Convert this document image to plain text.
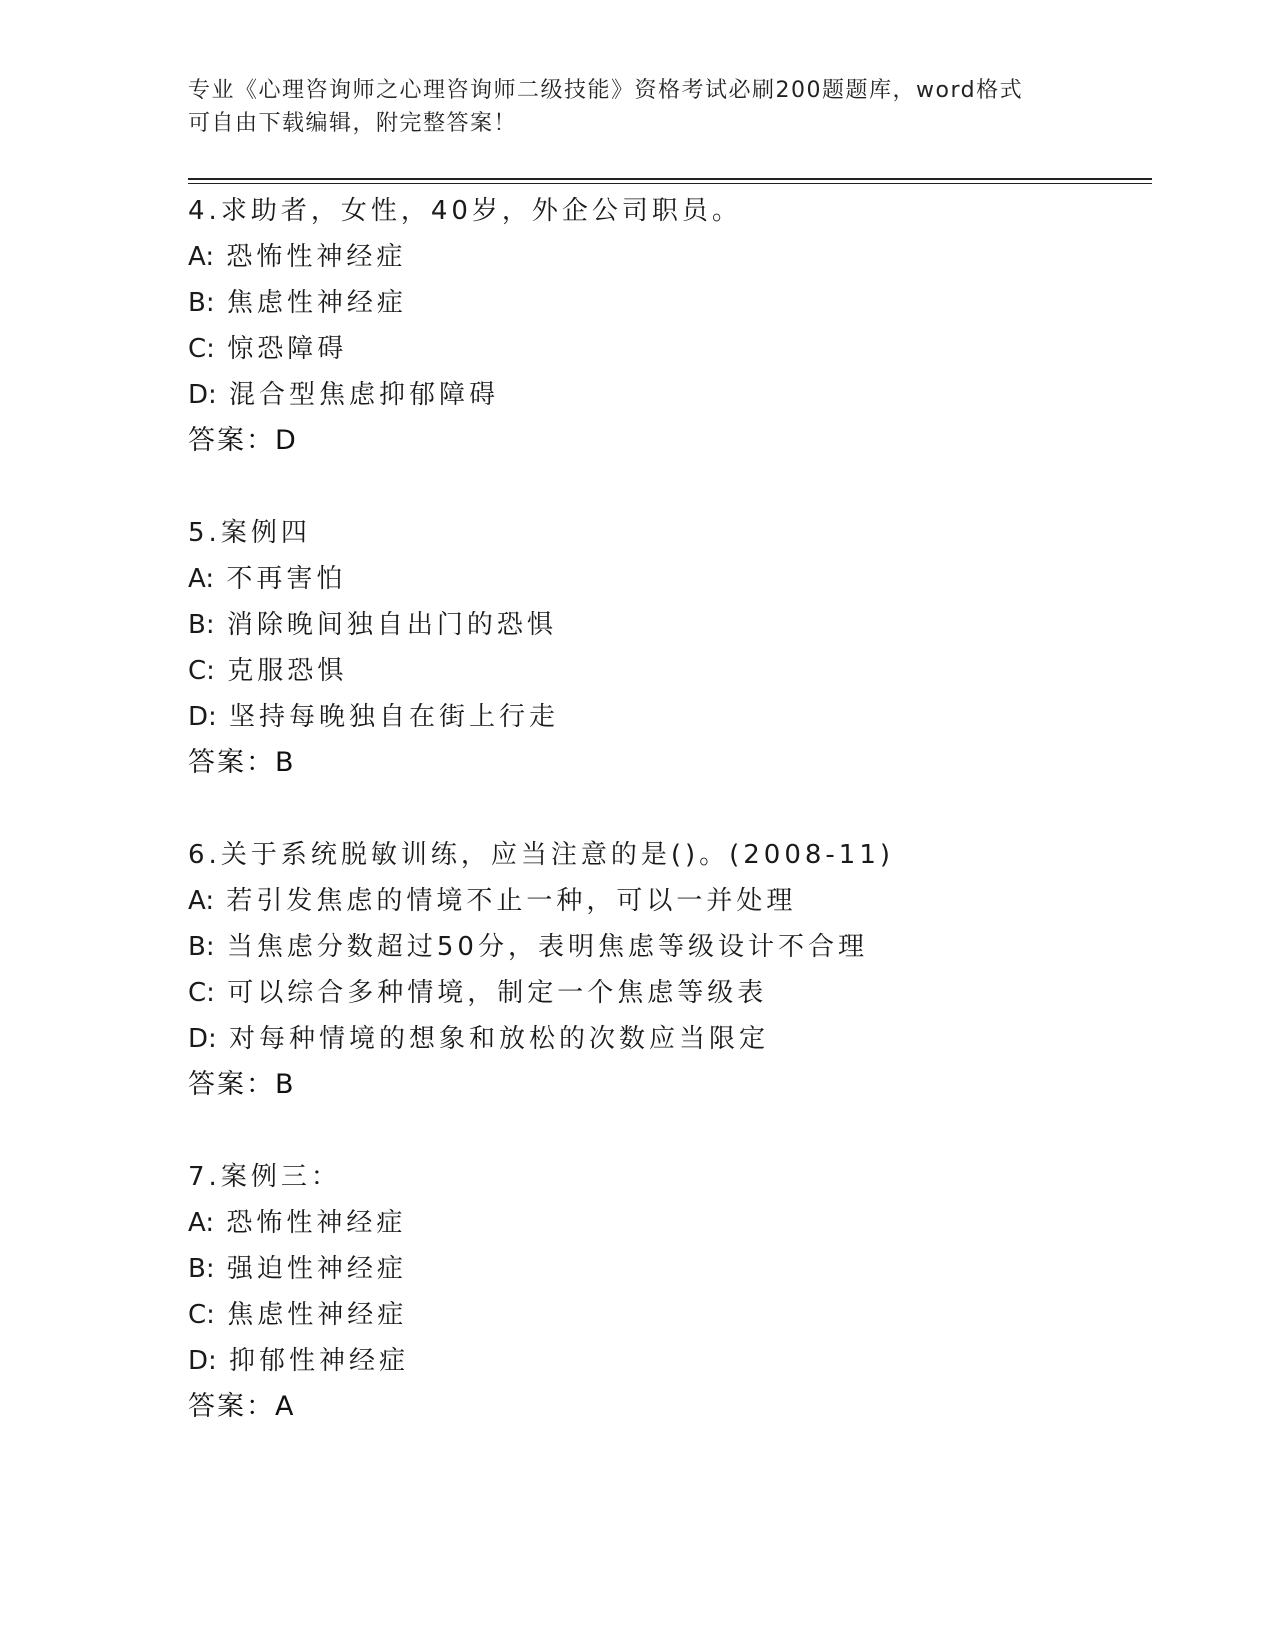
专业《心理咨询师之心理咨询师二级技能》资格考试必刷200题题库，word格式
可自由下载编辑，附完整答案！
4.求助者，女性，40岁，外企公司职员。
A: 恐怖性神经症
B: 焦虑性神经症
C: 惊恐障碍
D: 混合型焦虑抑郁障碍
答案：D
5.案例四
A: 不再害怕
B: 消除晚间独自出门的恐惧
C: 克服恐惧
D: 坚持每晚独自在街上行走
答案：B
6.关于系统脱敏训练，应当注意的是()。(2008-11)
A: 若引发焦虑的情境不止一种，可以一并处理
B: 当焦虑分数超过50分，表明焦虑等级设计不合理
C: 可以综合多种情境，制定一个焦虑等级表
D: 对每种情境的想象和放松的次数应当限定
答案：B
7.案例三：
A: 恐怖性神经症
B: 强迫性神经症
C: 焦虑性神经症
D: 抑郁性神经症
答案：A
